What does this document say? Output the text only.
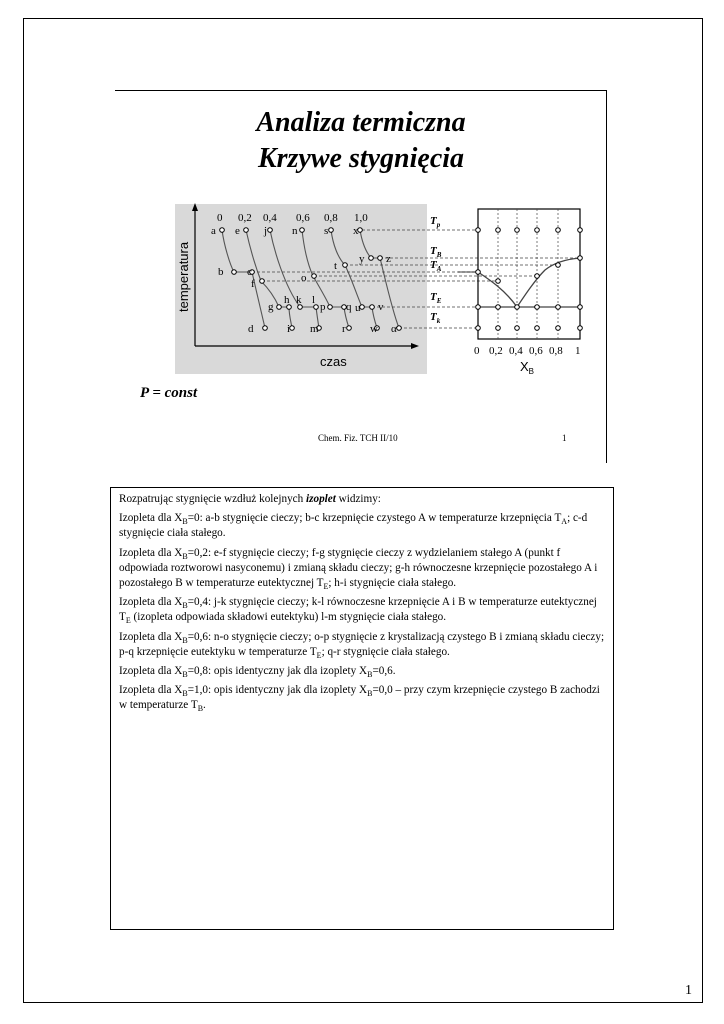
Analiza termiczna
Krzywe stygnięcia
temperatura
czas
0 0,2 0,4 0,6 0,8 1,0
a e j n s x
t
y z
b c
f	o
g
h k l
p q u v
d	i m r w α
$T_p$
$T_B$
$T_A$
$T_E$
$T_k$
0 0,2 0,4 0,6 0,8 1
$X_B$
P = const
Chem. Fiz. TCH II/10	1

Rozpatrując stygnięcie wzdłuż kolejnych izoplet widzimy:

Izopleta dla $X_B=0$: a-b stygnięcie cieczy; b-c krzepnięcie czystego A w temperaturze krzepnięcia $T_A$; c-d stygnięcie ciała stałego.

Izopleta dla $X_B=0,2$: e-f stygnięcie cieczy; f-g stygnięcie cieczy z wydzielaniem stałego A (punkt f odpowiada roztworowi nasyconemu) i zmianą składu cieczy; g-h równoczesne krzepnięcie pozostałego A i pozostałego B w temperaturze eutektycznej $T_E$; h-i stygnięcie ciała stałego.

Izopleta dla $X_B=0,4$: j-k stygnięcie cieczy; k-l równoczesne krzepnięcie A i B w temperaturze eutektycznej $T_E$ (izopleta odpowiada składowi eutektyku) l-m stygnięcie ciała stałego.

Izopleta dla $X_B=0,6$: n-o stygnięcie cieczy; o-p stygnięcie z krystalizacją czystego B i zmianą składu cieczy; p-q krzepnięcie eutektyku w temperaturze $T_E$; q-r stygnięcie ciała stałego.

Izopleta dla $X_B=0,8$: opis identyczny jak dla izoplety $X_B=0,6$.

Izopleta dla $X_B=1,0$: opis identyczny jak dla izoplety $X_B=0,0$ – przy czym krzepnięcie czystego B zachodzi w temperaturze $T_B$.

1
